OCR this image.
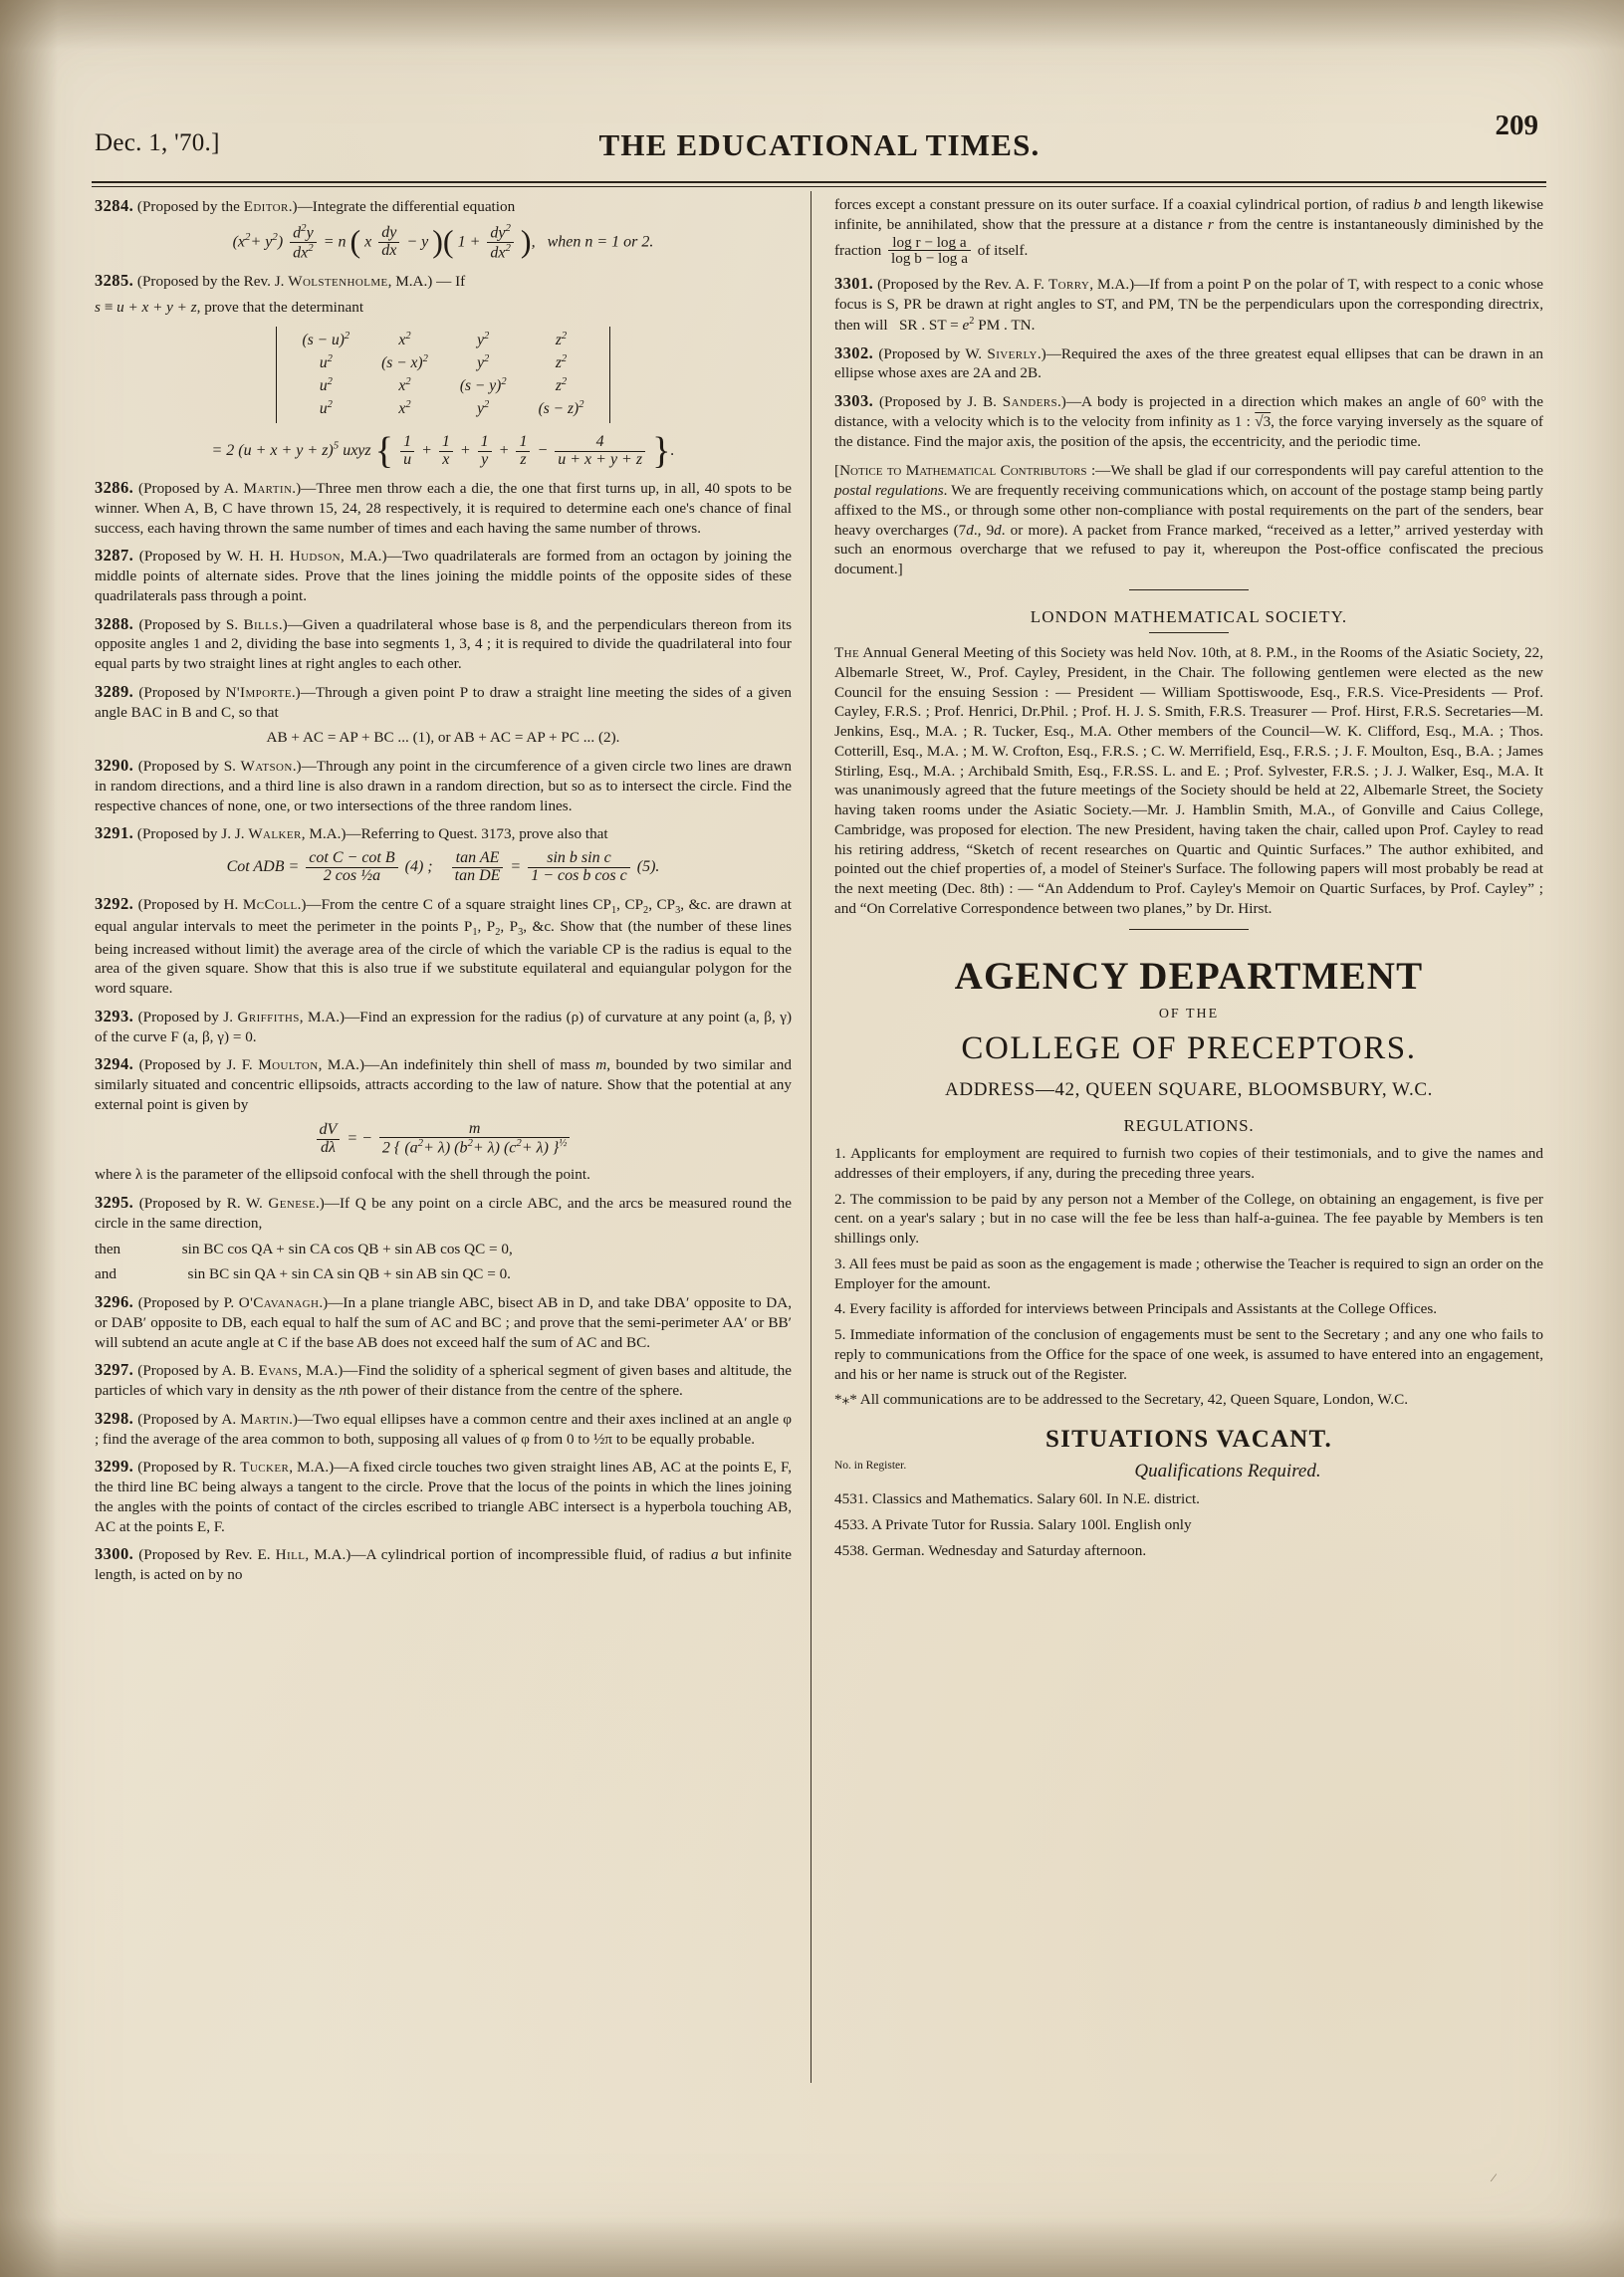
Dec. 1, '70.]	THE EDUCATIONAL TIMES.
209

3284. (Proposed by the Editor.)—Integrate the differential equation

$(x^2+ y^2) \frac{d^2y}{dx^2} = n$ ( x $\frac{dy}{dx} - y$ )( $1 + \frac{dy^2}{dx^2}$ ),   when n = 1 or 2.

3285. (Proposed by the Rev. J. Wolstenholme, M.A.) — If

s ≡ u + x + y + z, prove that the determinant

$(s - u)^2$	$x^2$	$y^2$	$z^2$
$u^2$	$(s - x)^2$	$y^2$	$z^2$
$u^2$	$x^2$	$(s - y)^2$	$z^2$
$u^2$	$x^2$	$y^2$	$(s - z)^2$
= 2 $(u + x + y + z)^5$ uxyz { $\frac{1}{u} + \frac{1}{x} + \frac{1}{y} + \frac{1}{z} - \frac{4}{u + x + y + z}$ }.

3286. (Proposed by A. Martin.)—Three men throw each a die, the one that first turns up, in all, 40 spots to be winner. When A, B, C have thrown 15, 24, 28 respectively, it is required to determine each one's chance of final success, each having thrown the same number of times and each having the same number of throws.

3287. (Proposed by W. H. H. Hudson, M.A.)—Two quadrilaterals are formed from an octagon by joining the middle points of alternate sides. Prove that the lines joining the middle points of the opposite sides of these quadrilaterals pass through a point.

3288. (Proposed by S. Bills.)—Given a quadrilateral whose base is 8, and the perpendiculars thereon from its opposite angles 1 and 2, dividing the base into segments 1, 3, 4 ; it is required to divide the quadrilateral into four equal parts by two straight lines at right angles to each other.

3289. (Proposed by N'Importe.)—Through a given point P to draw a straight line meeting the sides of a given angle BAC in B and C, so that

AB + AC = AP + BC ... (1), or AB + AC = AP + PC ... (2).

3290. (Proposed by S. Watson.)—Through any point in the circumference of a given circle two lines are drawn in random directions, and a third line is also drawn in a random direction, but so as to intersect the circle. Find the respective chances of none, one, or two intersections of the three random lines.

3291. (Proposed by J. J. Walker, M.A.)—Referring to Quest. 3173, prove also that

Cot ADB = $\frac{\text{cot C − cot B}}{\text{2 cos ½a}} (4)$ ; $\frac{\text{tan AE}}{\text{tan DE}} = \frac{\text{sin b sin c}}{\text{1 − cos b cos c}} (5)$.

3292. (Proposed by H. McColl.)—From the centre C of a square straight lines $CP_1$, $CP_2$, $CP_3$, &c. are drawn at equal angular intervals to meet the perimeter in the points $P_1$, $P_2$, $P_3$, &c. Show that (the number of these lines being increased without limit) the average area of the circle of which the variable CP is the radius is equal to the area of the given square. Show that this is also true if we substitute equilateral and equiangular polygon for the word square.

3293. (Proposed by J. Griffiths, M.A.)—Find an expression for the radius (ρ) of curvature at any point (a, β, γ) of the curve F (a, β, γ) = 0.

3294. (Proposed by J. F. Moulton, M.A.)—An indefinitely thin shell of mass m, bounded by two similar and similarly situated and concentric ellipsoids, attracts according to the law of nature. Show that the potential at any external point is given by

$\frac{dV}{d\lambda}$ = − $\frac{m}{2 \{ (a^2+ \lambda) (b^2+ \lambda) (c^2+ \lambda) \}^{\frac{1}{2}}}$

where λ is the parameter of the ellipsoid confocal with the shell through the point.

3295. (Proposed by R. W. Genese.)—If Q be any point on a circle ABC, and the arcs be measured round the circle in the same direction,

then	sin BC cos QA + sin CA cos QB + sin AB cos QC = 0,

and	sin BC sin QA + sin CA sin QB + sin AB sin QC = 0.

3296. (Proposed by P. O'Cavanagh.)—In a plane triangle ABC, bisect AB in D, and take DBA′ opposite to DA, or DAB′ opposite to DB, each equal to half the sum of AC and BC ; and prove that the semi-perimeter AA′ or BB′ will subtend an acute angle at C if the base AB does not exceed half the sum of AC and BC.

3297. (Proposed by A. B. Evans, M.A.)—Find the solidity of a spherical segment of given bases and altitude, the particles of which vary in density as the nth power of their distance from the centre of the sphere.

3298. (Proposed by A. Martin.)—Two equal ellipses have a common centre and their axes inclined at an angle φ ; find the average of the area common to both, supposing all values of φ from 0 to ½π to be equally probable.

3299. (Proposed by R. Tucker, M.A.)—A fixed circle touches two given straight lines AB, AC at the points E, F, the third line BC being always a tangent to the circle. Prove that the locus of the points in which the lines joining the angles with the points of contact of the circles escribed to triangle ABC intersect is a hyperbola touching AB, AC at the points E, F.

3300. (Proposed by Rev. E. Hill, M.A.)—A cylindrical portion of incompressible fluid, of radius a but infinite length, is acted on by no

forces except a constant pressure on its outer surface. If a coaxial cylindrical portion, of radius b and length likewise infinite, be annihilated, show that the pressure at a distance r from the centre is instantaneously diminished by the fraction $\frac{\text{log r − log a}}{\text{log b − log a}}$ of itself.

3301. (Proposed by the Rev. A. F. Torry, M.A.)—If from a point P on the polar of T, with respect to a conic whose focus is S, PR be drawn at right angles to ST, and PM, TN be the perpendiculars upon the corresponding directrix, then will   SR . ST = $e^2$ PM . TN.

3302. (Proposed by W. Siverly.)—Required the axes of the three greatest equal ellipses that can be drawn in an ellipse whose axes are 2A and 2B.

3303. (Proposed by J. B. Sanders.)—A body is projected in a direction which makes an angle of 60° with the distance, with a velocity which is to the velocity from infinity as 1 : √3, the force varying inversely as the square of the distance. Find the major axis, the position of the apsis, the eccentricity, and the periodic time.

[Notice to Mathematical Contributors :—We shall be glad if our correspondents will pay careful attention to the postal regulations. We are frequently receiving communications which, on account of the postage stamp being partly affixed to the MS., or through some other non-compliance with postal requirements on the part of the senders, bear heavy overcharges (7d., 9d. or more). A packet from France marked, “received as a letter,” arrived yesterday with such an enormous overcharge that we refused to pay it, whereupon the Post-office confiscated the precious document.]

LONDON MATHEMATICAL SOCIETY.

The Annual General Meeting of this Society was held Nov. 10th, at 8. P.M., in the Rooms of the Asiatic Society, 22, Albemarle Street, W., Prof. Cayley, President, in the Chair. The following gentlemen were elected as the new Council for the ensuing Session : — President — William Spottiswoode, Esq., F.R.S. Vice-Presidents — Prof. Cayley, F.R.S. ; Prof. Henrici, Dr.Phil. ; Prof. H. J. S. Smith, F.R.S. Treasurer — Prof. Hirst, F.R.S. Secretaries—M. Jenkins, Esq., M.A. ; R. Tucker, Esq., M.A. Other members of the Council—W. K. Clifford, Esq., M.A. ; Thos. Cotterill, Esq., M.A. ; M. W. Crofton, Esq., F.R.S. ; C. W. Merrifield, Esq., F.R.S. ; J. F. Moulton, Esq., B.A. ; James Stirling, Esq., M.A. ; Archibald Smith, Esq., F.R.SS. L. and E. ; Prof. Sylvester, F.R.S. ; J. J. Walker, Esq., M.A. It was unanimously agreed that the future meetings of the Society should be held at 22, Albemarle Street, the Society having taken rooms under the Asiatic Society.—Mr. J. Hamblin Smith, M.A., of Gonville and Caius College, Cambridge, was proposed for election. The new President, having taken the chair, called upon Prof. Cayley to read his retiring address, “Sketch of recent researches on Quartic and Quintic Surfaces.” The author exhibited, and pointed out the chief properties of, a model of Steiner's Surface. The following papers will most probably be read at the next meeting (Dec. 8th) : — “An Addendum to Prof. Cayley's Memoir on Quartic Surfaces, by Prof. Cayley” ; and “On Correlative Correspondence between two planes,” by Dr. Hirst.

AGENCY DEPARTMENT
OF THE
COLLEGE OF PRECEPTORS.
ADDRESS—42, QUEEN SQUARE, BLOOMSBURY, W.C.
REGULATIONS.

1. Applicants for employment are required to furnish two copies of their testimonials, and to give the names and addresses of their employers, if any, during the preceding three years.

2. The commission to be paid by any person not a Member of the College, on obtaining an engagement, is five per cent. on a year's salary ; but in no case will the fee be less than half-a-guinea. The fee payable by Members is ten shillings only.

3. All fees must be paid as soon as the engagement is made ; otherwise the Teacher is required to sign an order on the Employer for the amount.

4. Every facility is afforded for interviews between Principals and Assistants at the College Offices.

5. Immediate information of the conclusion of engagements must be sent to the Secretary ; and any one who fails to reply to communications from the Office for the space of one week, is assumed to have entered into an engagement, and his or her name is struck out of the Register.

*⁎* All communications are to be addressed to the Secretary, 42, Queen Square, London, W.C.

SITUATIONS VACANT.
No. in Register.	Qualifications Required.

4531. Classics and Mathematics. Salary 60l. In N.E. district.

4533. A Private Tutor for Russia. Salary 100l. English only

4538. German. Wednesday and Saturday afternoon.

⁄
